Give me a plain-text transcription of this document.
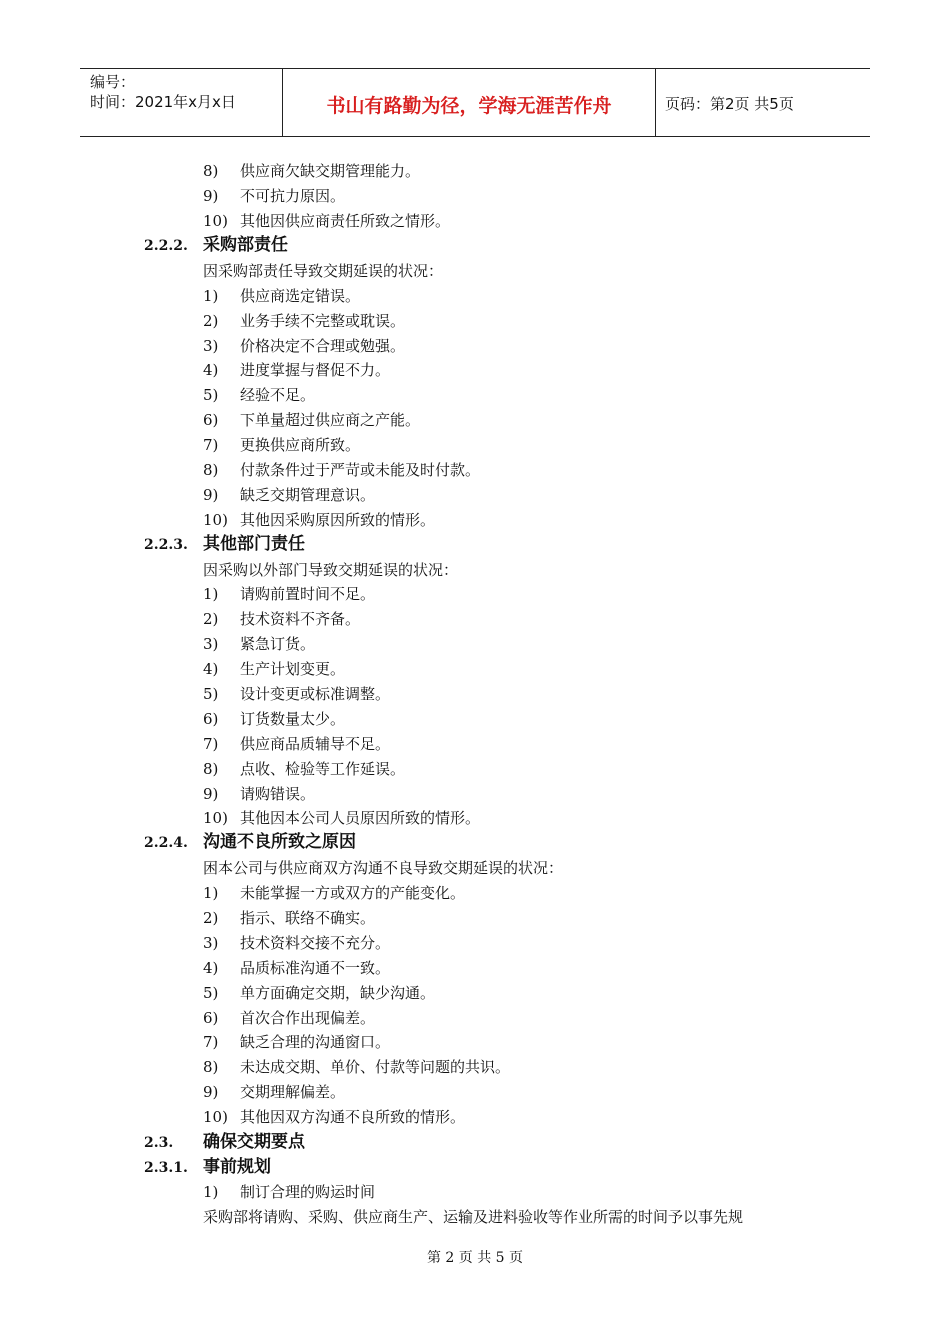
编号：
时间：2021年x月x日	书山有路勤为径，学海无涯苦作舟	页码：第2页 共5页
8) 供应商欠缺交期管理能力。
9) 不可抗力原因。
10) 其他因供应商责任所致之情形。
2.2.2. 采购部责任
因采购部责任导致交期延误的状况：
1) 供应商选定错误。
2) 业务手续不完整或耽误。
3) 价格决定不合理或勉强。
4) 进度掌握与督促不力。
5) 经验不足。
6) 下单量超过供应商之产能。
7) 更换供应商所致。
8) 付款条件过于严苛或未能及时付款。
9) 缺乏交期管理意识。
10) 其他因采购原因所致的情形。
2.2.3. 其他部门责任
因采购以外部门导致交期延误的状况：
1) 请购前置时间不足。
2) 技术资料不齐备。
3) 紧急订货。
4) 生产计划变更。
5) 设计变更或标准调整。
6) 订货数量太少。
7) 供应商品质辅导不足。
8) 点收、检验等工作延误。
9) 请购错误。
10) 其他因本公司人员原因所致的情形。
2.2.4. 沟通不良所致之原因
困本公司与供应商双方沟通不良导致交期延误的状况：
1) 未能掌握一方或双方的产能变化。
2) 指示、联络不确实。
3) 技术资料交接不充分。
4) 品质标准沟通不一致。
5) 单方面确定交期，缺少沟通。
6) 首次合作出现偏差。
7) 缺乏合理的沟通窗口。
8) 未达成交期、单价、付款等问题的共识。
9) 交期理解偏差。
10) 其他因双方沟通不良所致的情形。
2.3. 确保交期要点
2.3.1. 事前规划
1) 制订合理的购运时间
采购部将请购、采购、供应商生产、运输及进料验收等作业所需的时间予以事先规
第 2 页 共 5 页
